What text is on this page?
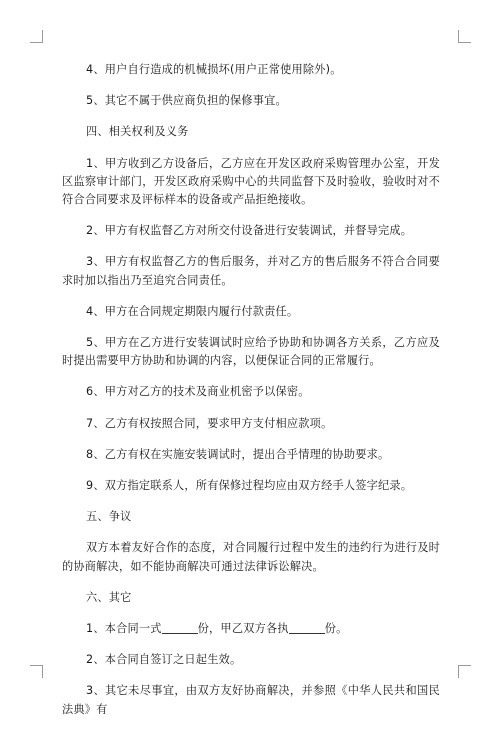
4、用户自行造成的机械损坏(用户正常使用除外)。

5、其它不属于供应商负担的保修事宜。

四、相关权利及义务

1、甲方收到乙方设备后，乙方应在开发区政府采购管理办公室，开发区监察审计部门，开发区政府采购中心的共同监督下及时验收，验收时对不符合合同要求及评标样本的设备或产品拒绝接收。

2、甲方有权监督乙方对所交付设备进行安装调试，并督导完成。

3、甲方有权监督乙方的售后服务，并对乙方的售后服务不符合合同要求时加以指出乃至追究合同责任。

4、甲方在合同规定期限内履行付款责任。

5、甲方在乙方进行安装调试时应给予协助和协调各方关系，乙方应及时提出需要甲方协助和协调的内容，以便保证合同的正常履行。

6、甲方对乙方的技术及商业机密予以保密。

7、乙方有权按照合同，要求甲方支付相应款项。

8、乙方有权在实施安装调试时，提出合乎情理的协助要求。

9、双方指定联系人，所有保修过程均应由双方经手人签字纪录。

五、争议

双方本着友好合作的态度，对合同履行过程中发生的违约行为进行及时的协商解决，如不能协商解决可通过法律诉讼解决。

六、其它

1、本合同一式	份，甲乙双方各执	份。

2、本合同自签订之日起生效。

3、其它未尽事宜，由双方友好协商解决，并参照《中华人民共和国民法典》有
